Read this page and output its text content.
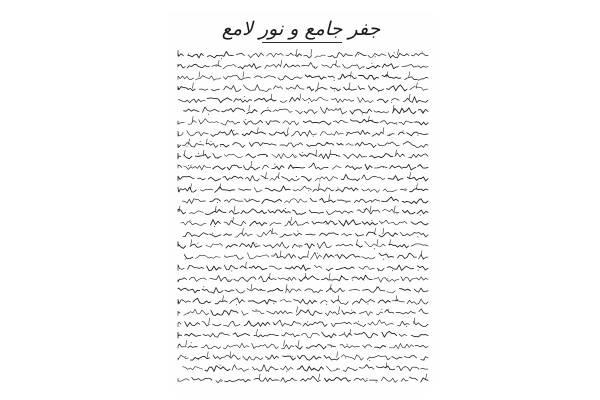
جفر جامع و نور لامع
